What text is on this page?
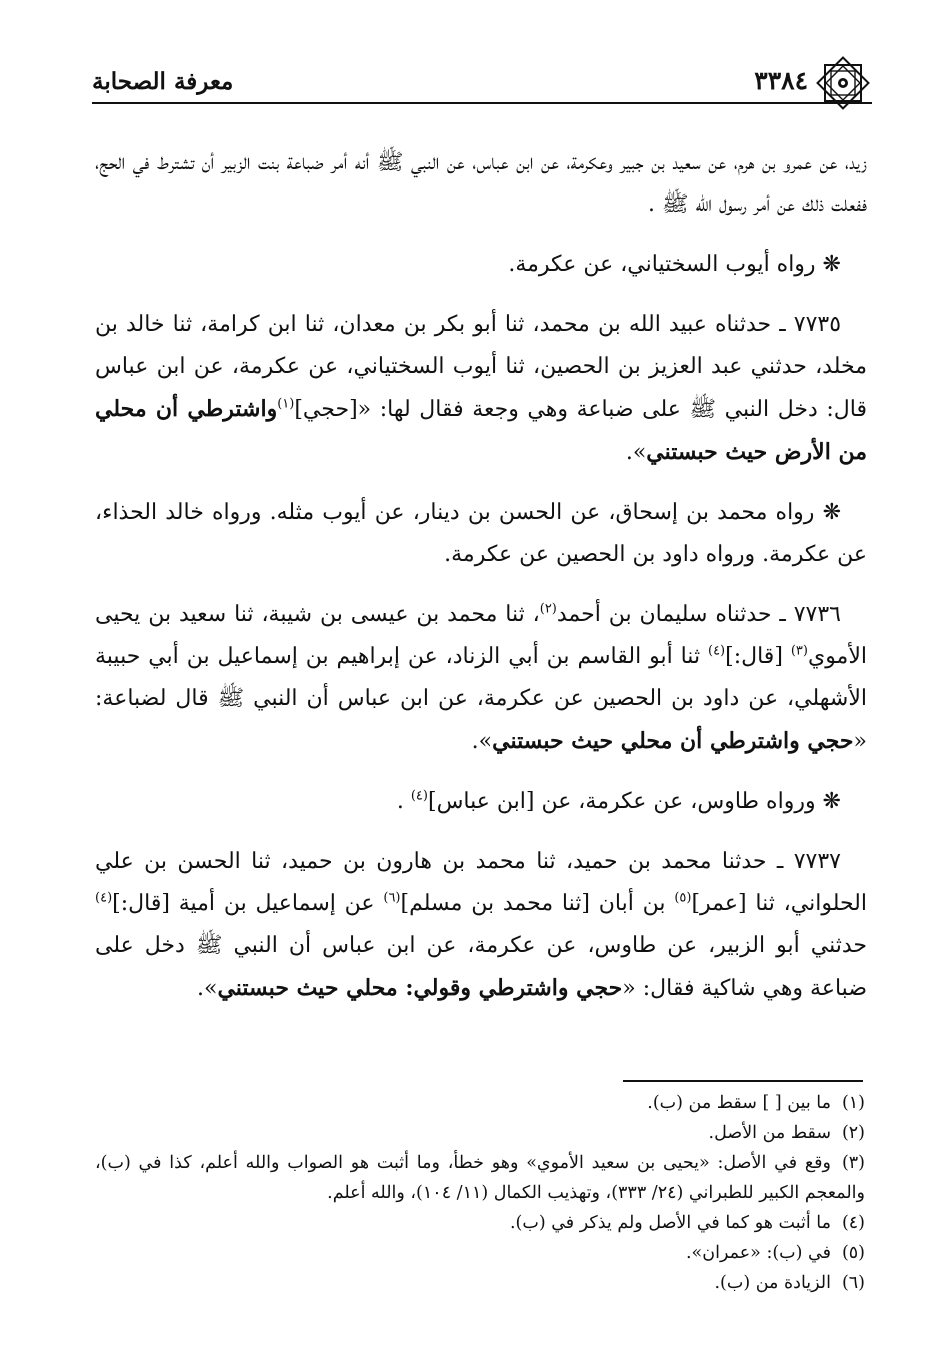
معرفة الصحابة	٣٣٨٤

زيد، عن عمرو بن هرم، عن سعيد بن جبير وعكرمة، عن ابن عباس، عن النبي ﷺ أنه أمر ضباعة بنت الزبير أن تشترط في الحج، ففعلت ذلك عن أمر رسول الله ﷺ .

❋ رواه أيوب السختياني، عن عكرمة.

٧٧٣٥ ـ حدثناه عبيد الله بن محمد، ثنا أبو بكر بن معدان، ثنا ابن كرامة، ثنا خالد بن مخلد، حدثني عبد العزيز بن الحصين، ثنا أيوب السختياني، عن عكرمة، عن ابن عباس قال: دخل النبي ﷺ على ضباعة وهي وجعة فقال لها: «[حجي]$^{(١)}$واشترطي أن محلي من الأرض حيث حبستني».

❋ رواه محمد بن إسحاق، عن الحسن بن دينار، عن أيوب مثله. ورواه خالد الحذاء، عن عكرمة. ورواه داود بن الحصين عن عكرمة.

٧٧٣٦ ـ حدثناه سليمان بن أحمد$^{(٢)}$، ثنا محمد بن عيسى بن شيبة، ثنا سعيد بن يحيى الأموي$^{(٣)}$ [قال:]$^{(٤)}$ ثنا أبو القاسم بن أبي الزناد، عن إبراهيم بن إسماعيل بن أبي حبيبة الأشهلي، عن داود بن الحصين عن عكرمة، عن ابن عباس أن النبي ﷺ قال لضباعة: «حجي واشترطي أن محلي حيث حبستني».

❋ ورواه طاوس، عن عكرمة، عن [ابن عباس]$^{(٤)}$ .

٧٧٣٧ ـ حدثنا محمد بن حميد، ثنا محمد بن هارون بن حميد، ثنا الحسن بن علي الحلواني، ثنا [عمر]$^{(٥)}$ بن أبان [ثنا محمد بن مسلم]$^{(٦)}$ عن إسماعيل بن أمية [قال:]$^{(٤)}$ حدثني أبو الزبير، عن طاوس، عن عكرمة، عن ابن عباس أن النبي ﷺ دخل على ضباعة وهي شاكية فقال: «حجي واشترطي وقولي: محلي حيث حبستني».

(١)ما بين [ ] سقط من (ب).

(٢)سقط من الأصل.

(٣)وقع في الأصل: «يحيى بن سعيد الأموي» وهو خطأ، وما أثبت هو الصواب والله أعلم، كذا في (ب)، والمعجم الكبير للطبراني (٢٤/ ٣٣٣)، وتهذيب الكمال (١١/ ١٠٤)، والله أعلم.

(٤)ما أثبت هو كما في الأصل ولم يذكر في (ب).

(٥)في (ب): «عمران».

(٦)الزيادة من (ب).
